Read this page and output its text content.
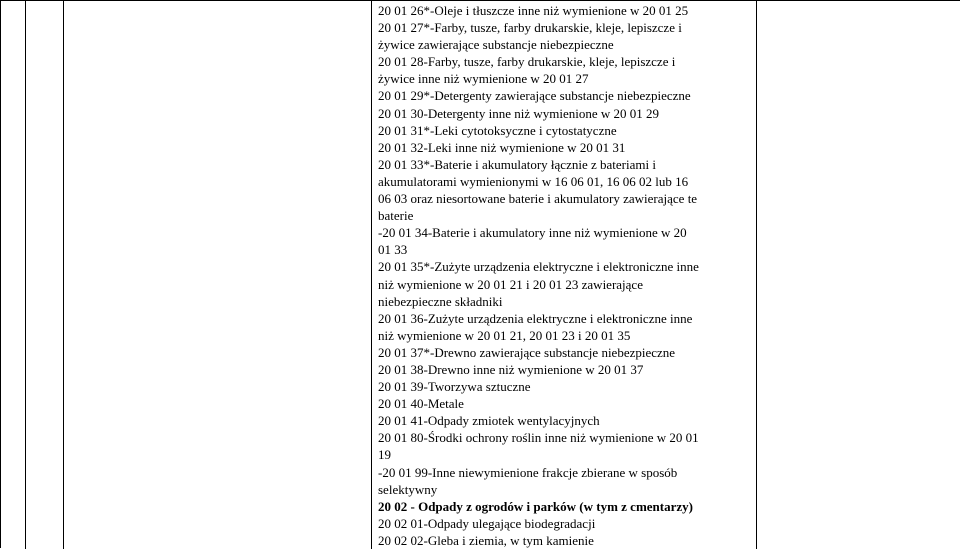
20 01 26*-Oleje i tłuszcze inne niż wymienione w 20 01 25
20 01 27*-Farby, tusze, farby drukarskie, kleje, lepiszcze i
żywice zawierające substancje niebezpieczne
20 01 28-Farby, tusze, farby drukarskie, kleje, lepiszcze i
żywice inne niż wymienione w 20 01 27
20 01 29*-Detergenty zawierające substancje niebezpieczne
20 01 30-Detergenty inne niż wymienione w 20 01 29
20 01 31*-Leki cytotoksyczne i cytostatyczne
20 01 32-Leki inne niż wymienione w 20 01 31
20 01 33*-Baterie i akumulatory łącznie z bateriami i
akumulatorami wymienionymi w 16 06 01, 16 06 02 lub 16
06 03 oraz niesortowane baterie i akumulatory zawierające te
baterie
-20 01 34-Baterie i akumulatory inne niż wymienione w 20
01 33
20 01 35*-Zużyte urządzenia elektryczne i elektroniczne inne
niż wymienione w 20 01 21 i 20 01 23 zawierające
niebezpieczne składniki
20 01 36-Zużyte urządzenia elektryczne i elektroniczne inne
niż wymienione w 20 01 21, 20 01 23 i 20 01 35
20 01 37*-Drewno zawierające substancje niebezpieczne
20 01 38-Drewno inne niż wymienione w 20 01 37
20 01 39-Tworzywa sztuczne
20 01 40-Metale
20 01 41-Odpady zmiotek wentylacyjnych
20 01 80-Środki ochrony roślin inne niż wymienione w 20 01
19
-20 01 99-Inne niewymienione frakcje zbierane w sposób
selektywny
20 02 - Odpady z ogrodów i parków (w tym z cmentarzy)
20 02 01-Odpady ulegające biodegradacji
20 02 02-Gleba i ziemia, w tym kamienie
